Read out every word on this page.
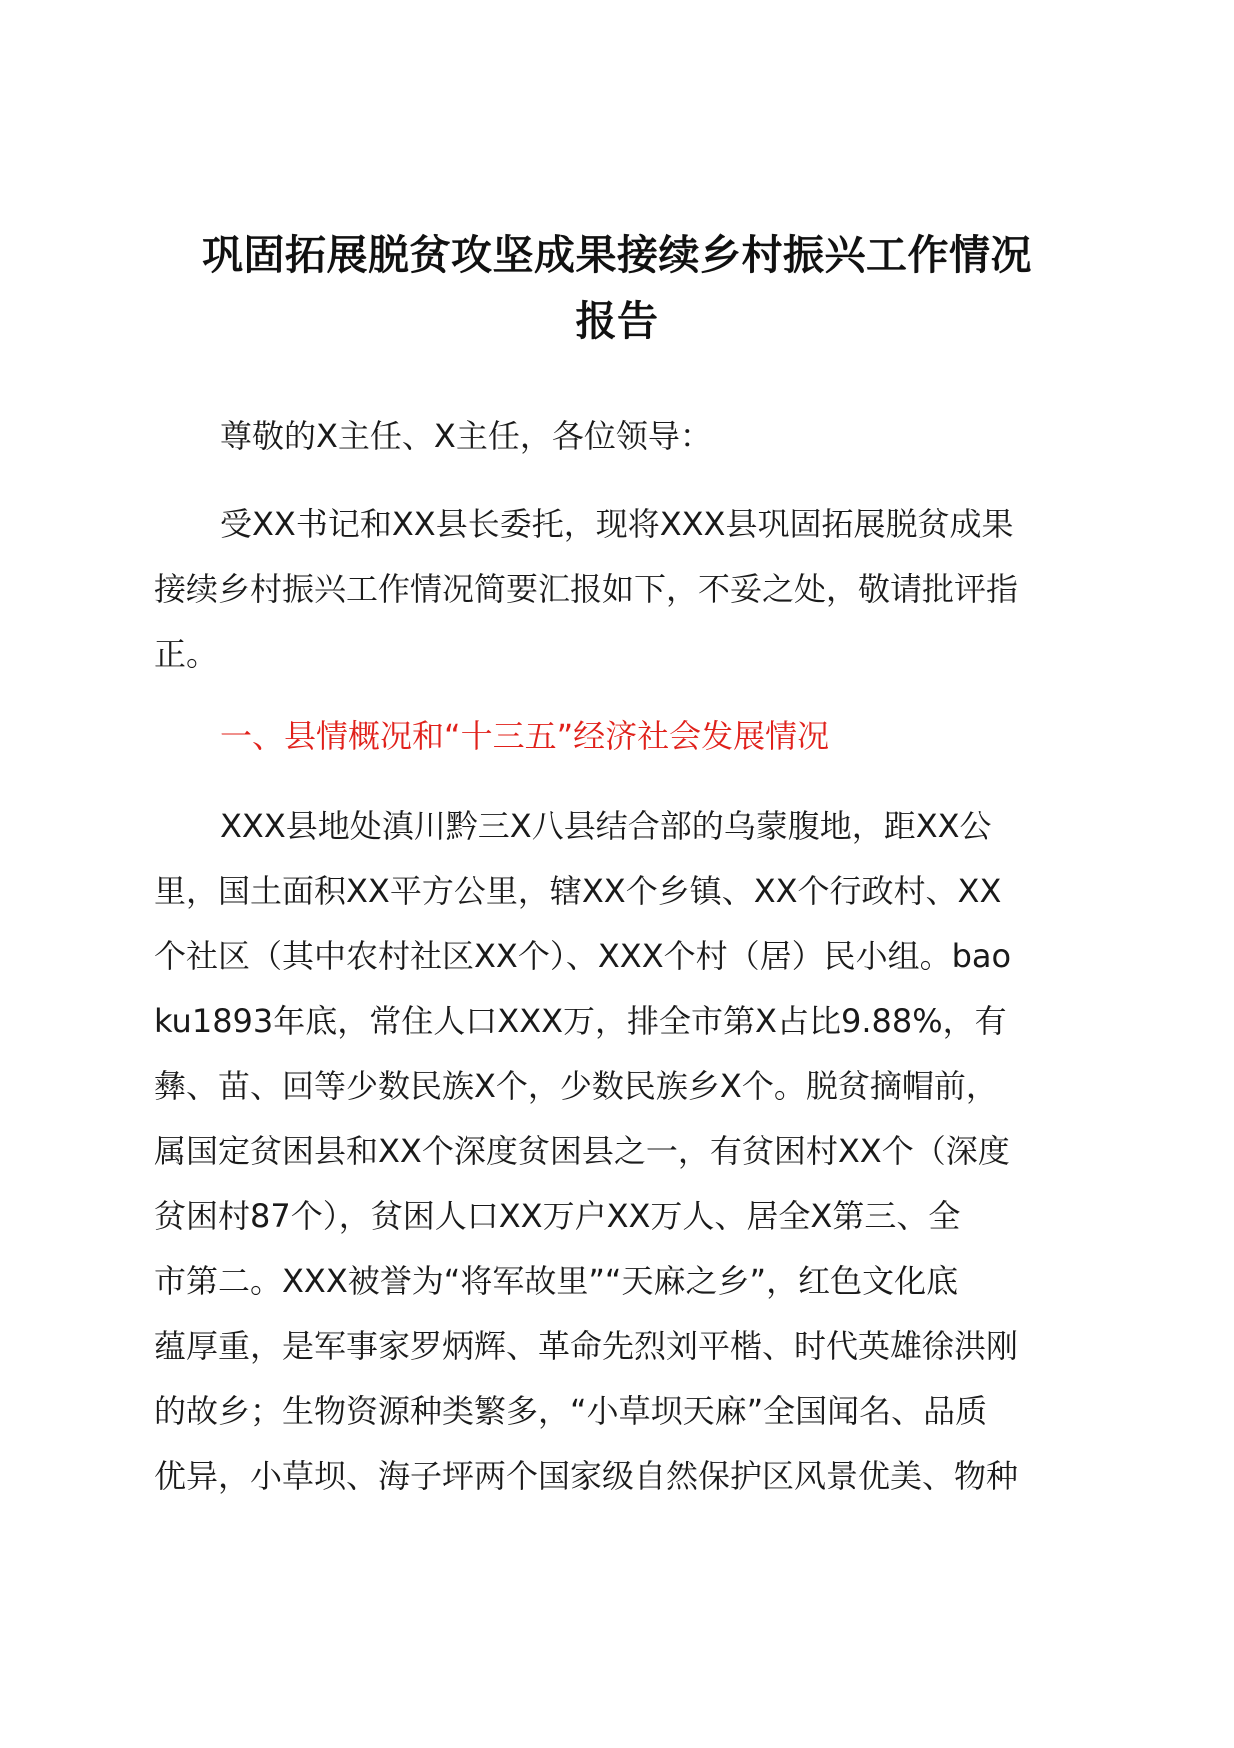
巩固拓展脱贫攻坚成果接续乡村振兴工作情况
报告
尊敬的X主任、X主任，各位领导：
受XX书记和XX县长委托，现将XXX县巩固拓展脱贫成果
接续乡村振兴工作情况简要汇报如下，不妥之处，敬请批评指
正。
一、县情概况和“十三五”经济社会发展情况
XXX县地处滇川黔三X八县结合部的乌蒙腹地，距XX公
里，国土面积XX平方公里，辖XX个乡镇、XX个行政村、XX
个社区（其中农村社区XX个）、XXX个村（居）民小组。bao
ku1893年底，常住人口XXX万，排全市第X占比9.88%，有
彝、苗、回等少数民族X个，少数民族乡X个。脱贫摘帽前，
属国定贫困县和XX个深度贫困县之一，有贫困村XX个（深度
贫困村87个），贫困人口XX万户XX万人、居全X第三、全
市第二。XXX被誉为“将军故里”“天麻之乡”，红色文化底
蕴厚重，是军事家罗炳辉、革命先烈刘平楷、时代英雄徐洪刚
的故乡；生物资源种类繁多，“小草坝天麻”全国闻名、品质
优异，小草坝、海子坪两个国家级自然保护区风景优美、物种
